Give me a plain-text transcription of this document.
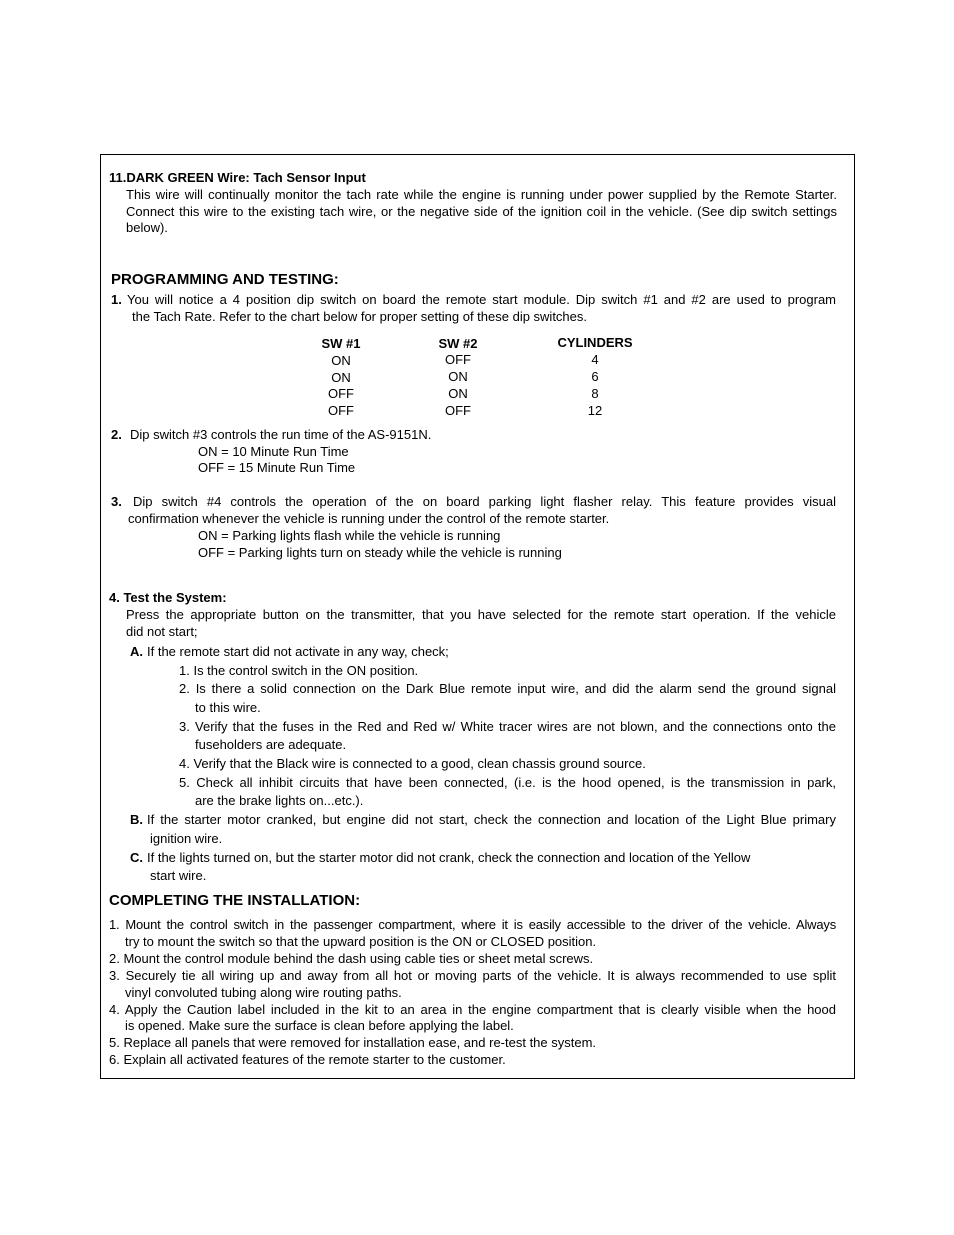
11.DARK GREEN Wire: Tach Sensor Input
This wire will continually monitor the tach rate while the engine is running under power supplied by the Remote Starter.
Connect this wire to the existing tach wire, or the negative side of the ignition coil in the vehicle. (See dip switch settings
below).
PROGRAMMING AND TESTING:
1. You will notice a 4 position dip switch on board the remote start module. Dip switch #1 and #2 are used to program
the Tach Rate. Refer to the chart below for proper setting of these dip switches.
SW #1	SW #2	CYLINDERS
ON	OFF	4
ON	ON	6
OFF	ON	8
OFF	OFF	12
2. Dip switch #3 controls the run time of the AS-9151N.
ON = 10 Minute Run Time
OFF = 15 Minute Run Time
3. Dip switch #4 controls the operation of the on board parking light flasher relay. This feature provides visual
confirmation whenever the vehicle is running under the control of the remote starter.
ON = Parking lights flash while the vehicle is running
OFF = Parking lights turn on steady while the vehicle is running
4. Test the System:
Press the appropriate button on the transmitter, that you have selected for the remote start operation. If the vehicle
did not start;
A. If the remote start did not activate in any way, check;
1. Is the control switch in the ON position.
2. Is there a solid connection on the Dark Blue remote input wire, and did the alarm send the ground signal
to this wire.
3. Verify that the fuses in the Red and Red w/ White tracer wires are not blown, and the connections onto the
fuseholders are adequate.
4. Verify that the Black wire is connected to a good, clean chassis ground source.
5. Check all inhibit circuits that have been connected, (i.e. is the hood opened, is the transmission in park,
are the brake lights on...etc.).
B. If the starter motor cranked, but engine did not start, check the connection and location of the Light Blue primary
ignition wire.
C. If the lights turned on, but the starter motor did not crank, check the connection and location of the Yellow
start wire.
COMPLETING THE INSTALLATION:
1. Mount the control switch in the passenger compartment, where it is easily accessible to the driver of the vehicle. Always
try to mount the switch so that the upward position is the ON or CLOSED position.
2. Mount the control module behind the dash using cable ties or sheet metal screws.
3. Securely tie all wiring up and away from all hot or moving parts of the vehicle. It is always recommended to use split
vinyl convoluted tubing along wire routing paths.
4. Apply the Caution label included in the kit to an area in the engine compartment that is clearly visible when the hood
is opened. Make sure the surface is clean before applying the label.
5. Replace all panels that were removed for installation ease, and re-test the system.
6. Explain all activated features of the remote starter to the customer.
